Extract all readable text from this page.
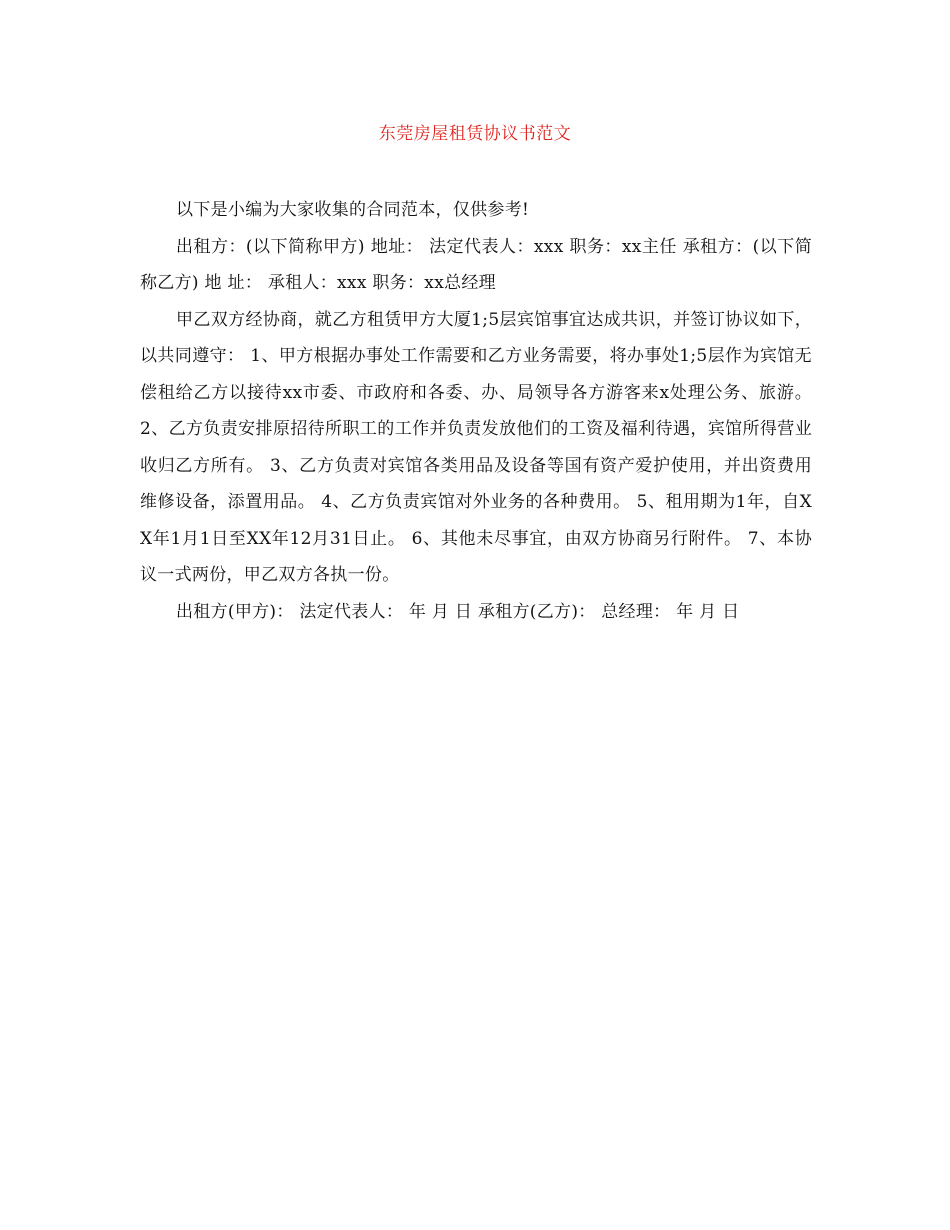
东莞房屋租赁协议书范文

以下是小编为大家收集的合同范本，仅供参考!

出租方：(以下简称甲方) 地址： 法定代表人：xxx 职务：xx主任 承租方：(以下简称乙方) 地 址： 承租人：xxx 职务：xx总经理

甲乙双方经协商，就乙方租赁甲方大厦1;5层宾馆事宜达成共识，并签订协议如下，以共同遵守： 1、甲方根据办事处工作需要和乙方业务需要，将办事处1;5层作为宾馆无偿租给乙方以接待xx市委、市政府和各委、办、局领导各方游客来x处理公务、旅游。 2、乙方负责安排原招待所职工的工作并负责发放他们的工资及福利待遇，宾馆所得营业收归乙方所有。 3、乙方负责对宾馆各类用品及设备等国有资产爱护使用，并出资费用维修设备，添置用品。 4、乙方负责宾馆对外业务的各种费用。 5、租用期为1年，自XX年1月1日至XX年12月31日止。 6、其他未尽事宜，由双方协商另行附件。 7、本协议一式两份，甲乙双方各执一份。

出租方(甲方)： 法定代表人： 年 月 日 承租方(乙方)： 总经理： 年 月 日
